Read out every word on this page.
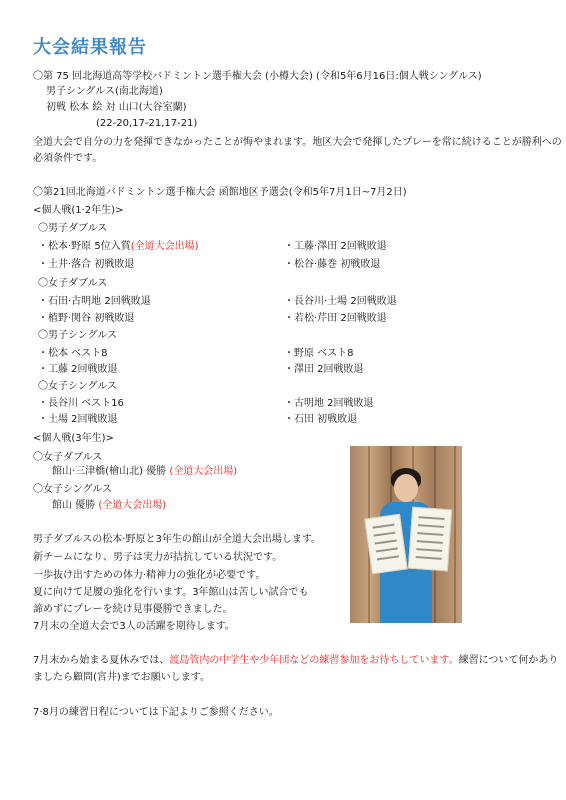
大会結果報告
〇第 75 回北海道高等学校バドミントン選手権大会 (小樽大会) (令和5年6月16日:個人戦シングルス)
男子シングルス(南北海道)
初戦 松本 絵 対 山口(大谷室蘭)
(22-20,17-21,17-21)
全道大会で自分の力を発揮できなかったことが悔やまれます。地区大会で発揮したプレーを常に続けることが勝利への
必須条件です。
〇第21回北海道バドミントン選手権大会 函館地区予選会(令和5年7月1日~7月2日)
<個人戦(1·2年生)>
〇男子ダブルス
・松本·野原 5位入賞(全道大会出場)	・工藤·澤田 2回戦敗退
・土井·落合 初戦敗退	・松谷·藤巻 初戦敗退
〇女子ダブルス
・石田·古明地 2回戦敗退	・長谷川·土場 2回戦敗退
・植野·関谷 初戦敗退	・若松·芹田 2回戦敗退
〇男子シングルス
・松本 ベスト8	・野原 ベスト8
・工藤 2回戦敗退	・澤田 2回戦敗退
〇女子シングルス
・長谷川 ベスト16	・古明地 2回戦敗退
・土場 2回戦敗退	・石田 初戦敗退
<個人戦(3年生)>
〇女子ダブルス
館山·三津橋(檜山北) 優勝 (全道大会出場)
〇女子シングルス
館山 優勝 (全道大会出場)
男子ダブルスの松本·野原と3年生の館山が全道大会出場します。
新チームになり、男子は実力が拮抗している状況です。
一歩抜け出すための体力·精神力の強化が必要です。
夏に向けて足腰の強化を行います。3年館山は苦しい試合でも
諦めずにプレーを続け見事優勝できました。
7月末の全道大会で3人の活躍を期待します。
7月末から始まる夏休みでは、渡島管内の中学生や少年団などの練習参加をお待ちしています。練習について何かあり
ましたら顧問(宮井)までお願いします。
7·8月の練習日程については下記よりご参照ください。
